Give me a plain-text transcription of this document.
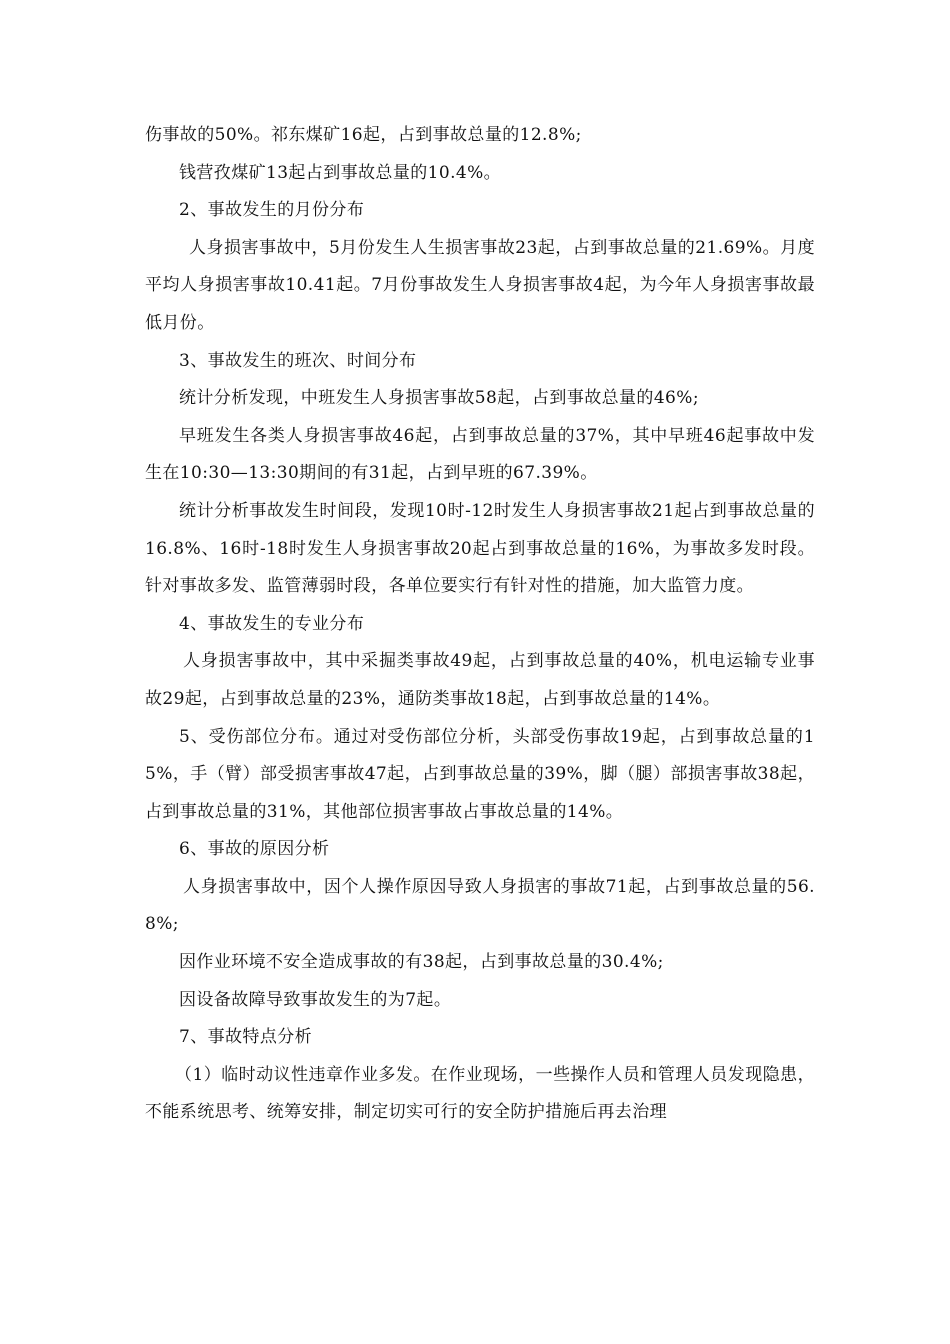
伤事故的50%。祁东煤矿16起，占到事故总量的12.8%;

钱营孜煤矿13起占到事故总量的10.4%。

2、事故发生的月份分布

人身损害事故中，5月份发生人生损害事故23起，占到事故总量的21.69%。月度平均人身损害事故10.41起。7月份事故发生人身损害事故4起，为今年人身损害事故最低月份。

3、事故发生的班次、时间分布

统计分析发现，中班发生人身损害事故58起，占到事故总量的46%;

早班发生各类人身损害事故46起，占到事故总量的37%，其中早班46起事故中发生在10:30—13:30期间的有31起，占到早班的67.39%。

统计分析事故发生时间段，发现10时-12时发生人身损害事故21起占到事故总量的16.8%、16时-18时发生人身损害事故20起占到事故总量的16%，为事故多发时段。针对事故多发、监管薄弱时段，各单位要实行有针对性的措施，加大监管力度。

4、事故发生的专业分布

人身损害事故中，其中采掘类事故49起，占到事故总量的40%，机电运输专业事故29起，占到事故总量的23%，通防类事故18起，占到事故总量的14%。

5、受伤部位分布。通过对受伤部位分析，头部受伤事故19起，占到事故总量的15%，手（臂）部受损害事故47起，占到事故总量的39%，脚（腿）部损害事故38起，占到事故总量的31%，其他部位损害事故占事故总量的14%。

6、事故的原因分析

人身损害事故中，因个人操作原因导致人身损害的事故71起，占到事故总量的56.8%;

因作业环境不安全造成事故的有38起，占到事故总量的30.4%;

因设备故障导致事故发生的为7起。

7、事故特点分析

（1）临时动议性违章作业多发。在作业现场，一些操作人员和管理人员发现隐患，不能系统思考、统筹安排，制定切实可行的安全防护措施后再去治理
